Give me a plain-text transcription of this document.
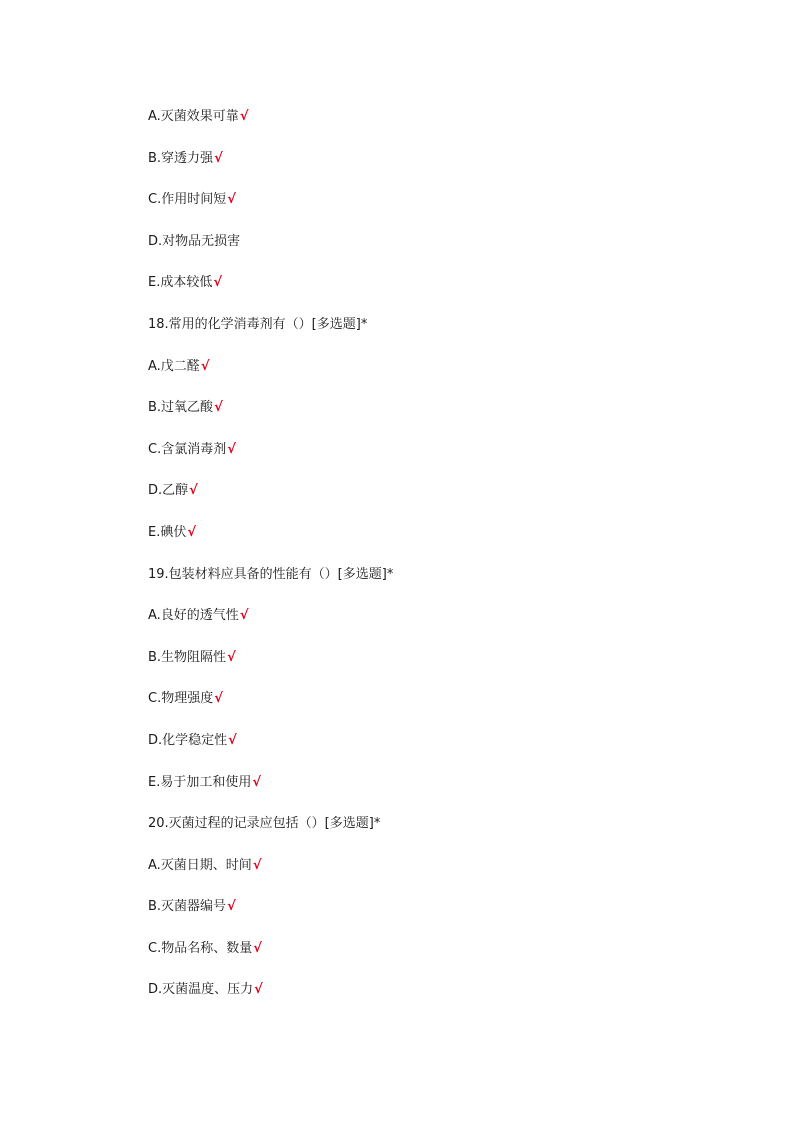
A.灭菌效果可靠√
B.穿透力强√
C.作用时间短√
D.对物品无损害
E.成本较低√
18.常用的化学消毒剂有（）[多选题]*
A.戊二醛√
B.过氧乙酸√
C.含氯消毒剂√
D.乙醇√
E.碘伏√
19.包装材料应具备的性能有（）[多选题]*
A.良好的透气性√
B.生物阻隔性√
C.物理强度√
D.化学稳定性√
E.易于加工和使用√
20.灭菌过程的记录应包括（）[多选题]*
A.灭菌日期、时间√
B.灭菌器编号√
C.物品名称、数量√
D.灭菌温度、压力√
